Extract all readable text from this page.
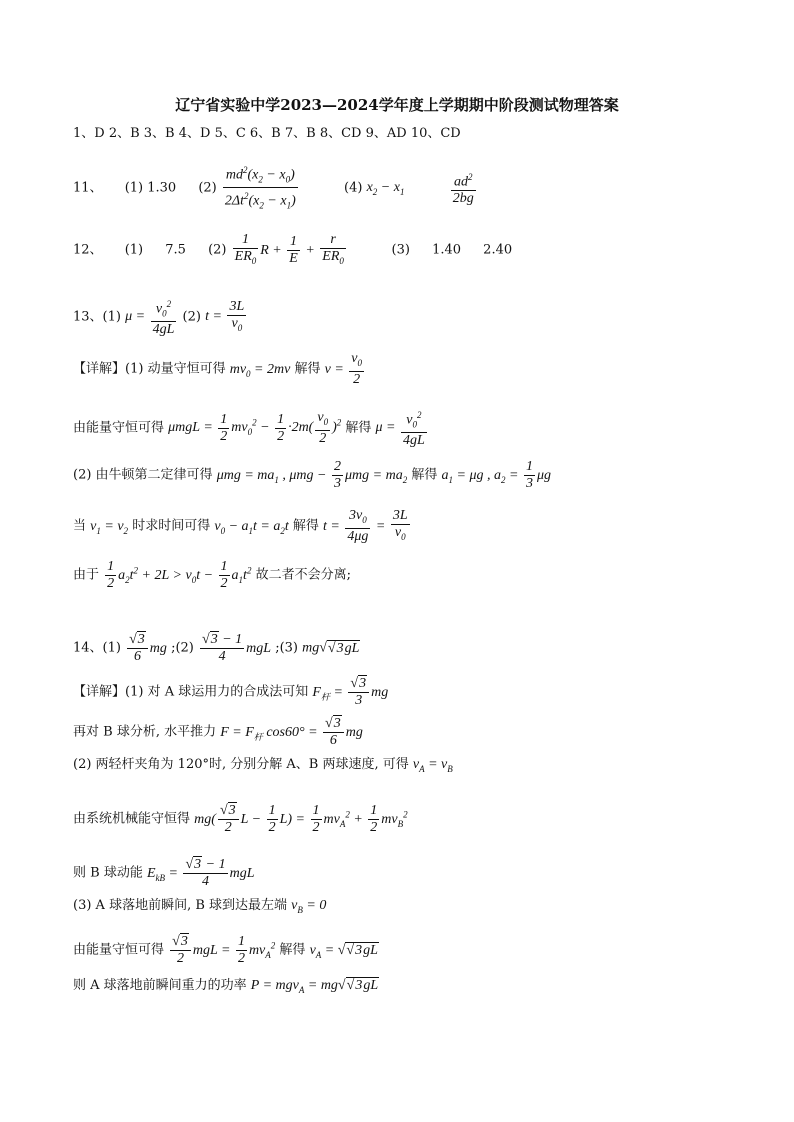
辽宁省实验中学2023—2024学年度上学期期中阶段测试物理答案
1、D 2、B 3、B 4、D 5、C 6、B 7、B 8、CD 9、AD 10、CD
11、 (1) 1.30 $(2) \frac{md^2(x_2 - x_0)}{2\Delta t^2(x_2 - x_1)}$	(4) $x_2 - x_1$	$\frac{ad^2}{2bg}$
12、 (1) 7.5 $(2) \frac{1}{ER_0}$ $R + \frac{1}{E} + \frac{r}{ER_0}$	(3) 1.40 2.40
13、(1) $\mu = \frac{v_0^2}{4gL} (2) t = \frac{3L}{v_0}$
【详解】(1) 动量守恒可得 $mv_0 = 2mv$ 解得 $v = \frac{v_0}{2}$
由能量守恒可得 $\mu mgL = \frac{1}{2} mv_0^2 - \frac{1}{2} \cdot 2m( \frac{v_0}{2} )^2$ 解得 $\mu = \frac{v_0^2}{4gL}$
(2) 由牛顿第二定律可得 $\mu mg = ma_1$ , $\mu mg - \frac{2}{3}$ $\mu mg = ma_2$ 解得 $a_1 = \mu g$ , $a_2 = \frac{1}{3}$ μg
当 $v_1 = v_2$ 时求时间可得 $v_0 - a_1t = a_2t$ 解得 $t = \frac{3v_0}{4\mu g} = \frac{3L}{v_0}$
由于 $\frac{1}{2} a_2t^2 + 2L > v_0t - \frac{1}{2} a_1t^2$ 故二者不会分离;
14、$(1) \frac{√3}{6}$ mg ;(2) $\frac{√3 - 1}{4}$ mgL ;(3) mg√√3gL
【详解】(1) 对 A 球运用力的合成法可知 $F_杆 = \frac{√3}{3}$ mg
再对 B 球分析, 水平推力 $F = F_杆$ $\cos 60^\circ = \frac{√3}{6}$ mg
(2) 两轻杆夹角为 120°时, 分别分解 A、B 两球速度, 可得 $v_A = v_B$
由系统机械能守恒得 $mg( \frac{√3}{2}$ $L - \frac{1}{2} L) = \frac{1}{2} mv_A^2 + \frac{1}{2} mv_B^2$
则 B 球动能 $E_{kB} = \frac{√3 - 1}{4}$ mgL
(3) A 球落地前瞬间, B 球到达最左端 $v_B = 0$
由能量守恒可得 $\frac{√3}{2}$ mgL = $\frac{1}{2} mv_A^2$ 解得 $v_A = √√3gL$
则 A 球落地前瞬间重力的功率 P = mgv$_A$ = mg√√3gL
